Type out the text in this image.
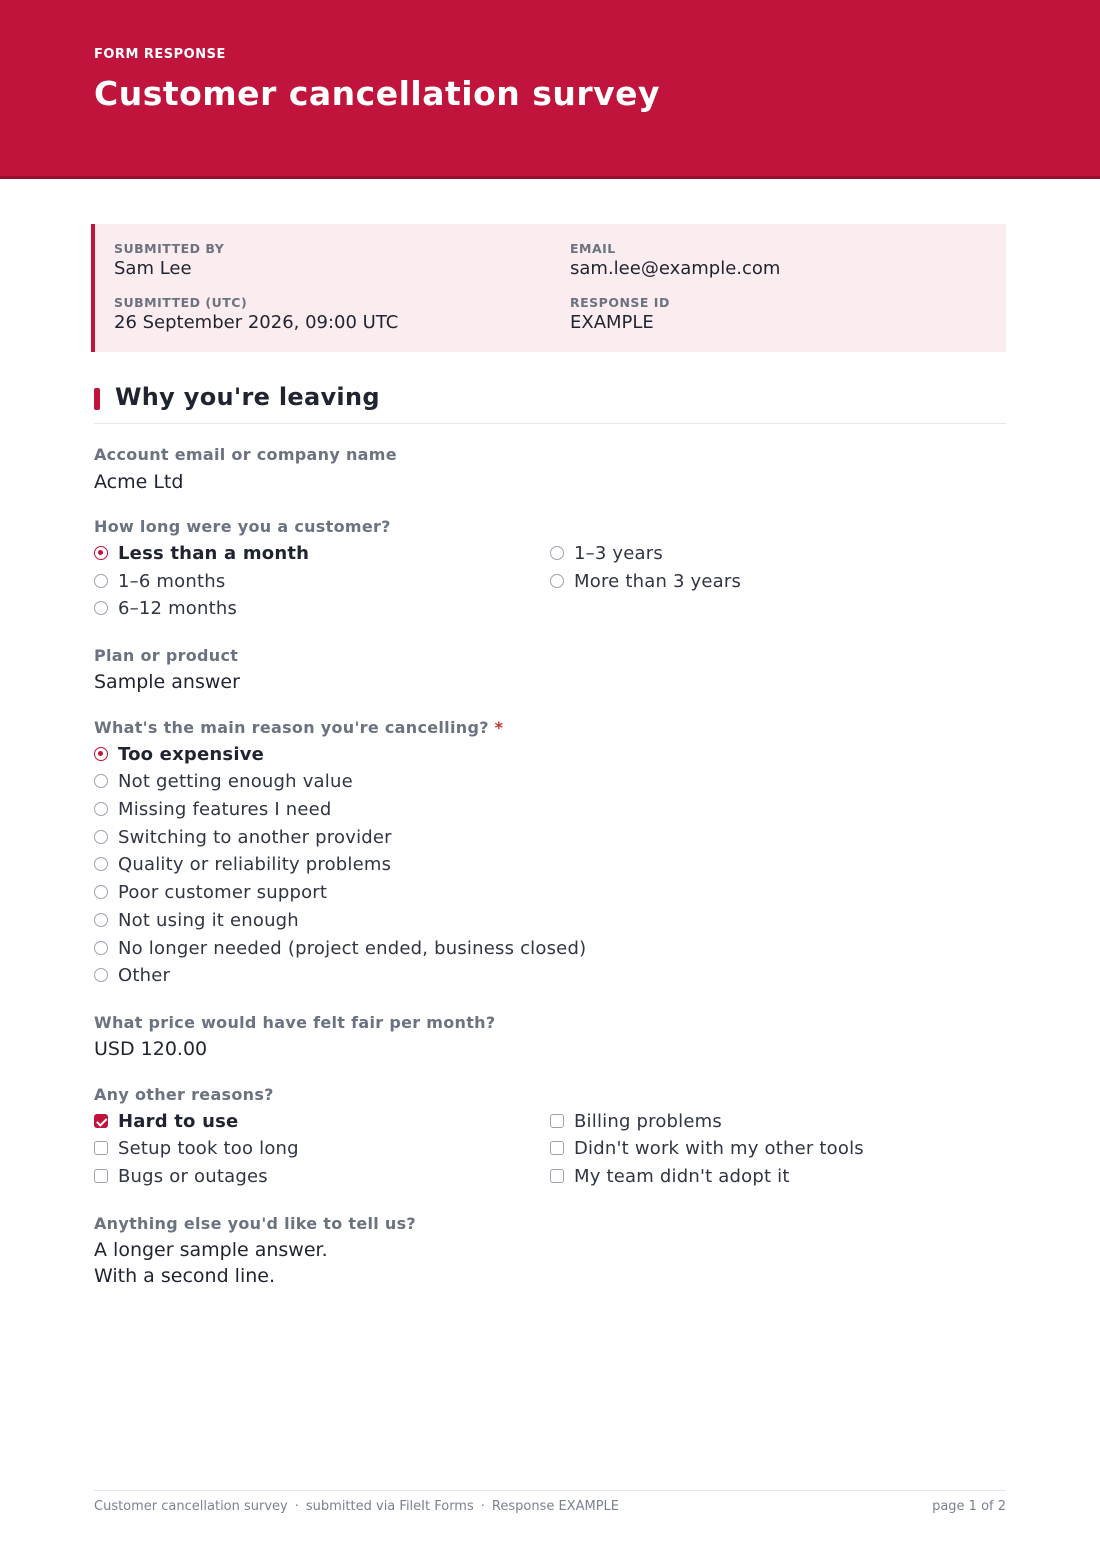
FORM RESPONSE
Customer cancellation survey
SUBMITTED BY
Sam Lee
EMAIL
sam.lee@example.com
SUBMITTED (UTC)
26 September 2026, 09:00 UTC
RESPONSE ID
EXAMPLE
Why you're leaving
Account email or company name
Acme Ltd
How long were you a customer?
Less than a month
1–6 months
6–12 months
1–3 years
More than 3 years
Plan or product
Sample answer
What's the main reason you're cancelling? *
Too expensive
Not getting enough value
Missing features I need
Switching to another provider
Quality or reliability problems
Poor customer support
Not using it enough
No longer needed (project ended, business closed)
Other
What price would have felt fair per month?
USD 120.00
Any other reasons?
Hard to use
Setup took too long
Bugs or outages
Billing problems
Didn't work with my other tools
My team didn't adopt it
Anything else you'd like to tell us?
A longer sample answer.
With a second line.
Customer cancellation survey · submitted via FileIt Forms · Response EXAMPLE	page 1 of 2
